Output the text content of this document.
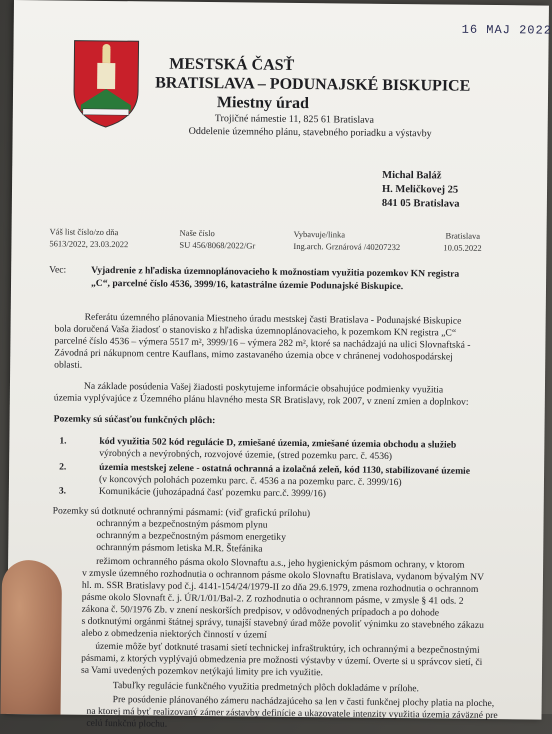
16 MAJ 2022
MESTSKÁ ČASŤ
BRATISLAVA – PODUNAJSKÉ BISKUPICE
Miestny úrad
Trojičné námestie 11, 825 61 Bratislava
Oddelenie územného plánu, stavebného poriadku a výstavby
Michal Baláž
H. Meličkovej 25
841 05 Bratislava
Váš list číslo/zo dňa
5613/2022, 23.03.2022
Naše číslo
SU 456/8068/2022/Gr
Vybavuje/linka
Ing.arch. Grznárová /40207232
Bratislava
10.05.2022
Vec:	Vyjadrenie z hľadiska územnoplánovacieho k možnostiam využitia pozemkov KN registra
„C“, parcelné číslo 4536, 3999/16, katastrálne územie Podunajské Biskupice.
Referátu územného plánovania Miestneho úradu mestskej časti Bratislava - Podunajské Biskupice
bola doručená Vaša žiadosť o stanovisko z hľadiska územnoplánovacieho, k pozemkom KN registra „C“
parcelné číslo 4536 – výmera 5517 m², 3999/16 – výmera 282 m², ktoré sa nachádzajú na ulici Slovnaftská -
Závodná pri nákupnom centre Kauflans, mimo zastavaného územia obce v chránenej vodohospodárskej
oblasti.
Na základe posúdenia Vašej žiadosti poskytujeme informácie obsahujúce podmienky využitia
územia vyplývajúce z Územného plánu hlavného mesta SR Bratislavy, rok 2007, v znení zmien a doplnkov:
Pozemky sú súčasťou funkčných plôch:
1.	kód využitia 502 kód regulácie D, zmiešané územia, zmiešané územia obchodu a služieb
výrobných a nevýrobných, rozvojové územie, (stred pozemku parc. č. 4536)
2.	územia mestskej zelene - ostatná ochranná a izolačná zeleň, kód 1130, stabilizované územie
(v koncových polohách pozemku parc. č. 4536 a na pozemku parc. č. 3999/16)
3.	Komunikácie (juhozápadná časť pozemku parc.č. 3999/16)
Pozemky sú dotknuté ochrannými pásmami: (viď grafickú prílohu)
ochranným a bezpečnostným pásmom plynu
ochranným a bezpečnostným pásmom energetiky
ochranným pásmom letiska M.R. Štefánika
režimom ochranného pásma okolo Slovnaftu a.s., jeho hygienickým pásmom ochrany, v ktorom
v zmysle územného rozhodnutia o ochrannom pásme okolo Slovnaftu Bratislava, vydanom bývalým NV
hl. m. SSR Bratislavy pod č.j. 4141-154/24/1979-II zo dňa 29.6.1979, zmena rozhodnutia o ochrannom
pásme okolo Slovnaft č. j. ÚR/1/01/Bal-2. Z rozhodnutia o ochrannom pásme, v zmysle § 41 ods. 2
zákona č. 50/1976 Zb. v znení neskorších predpisov, v odôvodnených prípadoch a po dohode
s dotknutými orgánmi štátnej správy, tunajší stavebný úrad môže povoliť výnimku zo stavebného zákazu
alebo z obmedzenia niektorých činností v území
územie môže byť dotknuté trasami sietí technickej infraštruktúry, ich ochrannými a bezpečnostnými
pásmami, z ktorých vyplývajú obmedzenia pre možnosti výstavby v území. Overte si u správcov sietí, či
sa Vami uvedených pozemkov netýkajú limity pre ich využitie.
Tabuľky regulácie funkčného využitia predmetných plôch dokladáme v prílohe.
Pre posúdenie plánovaného zámeru nachádzajúceho sa len v časti funkčnej plochy platia na ploche,
na ktorej má byť realizovaný zámer zástavby definície a ukazovatele intenzity využitia územia záväzné pre
celú funkčnú plochu.
